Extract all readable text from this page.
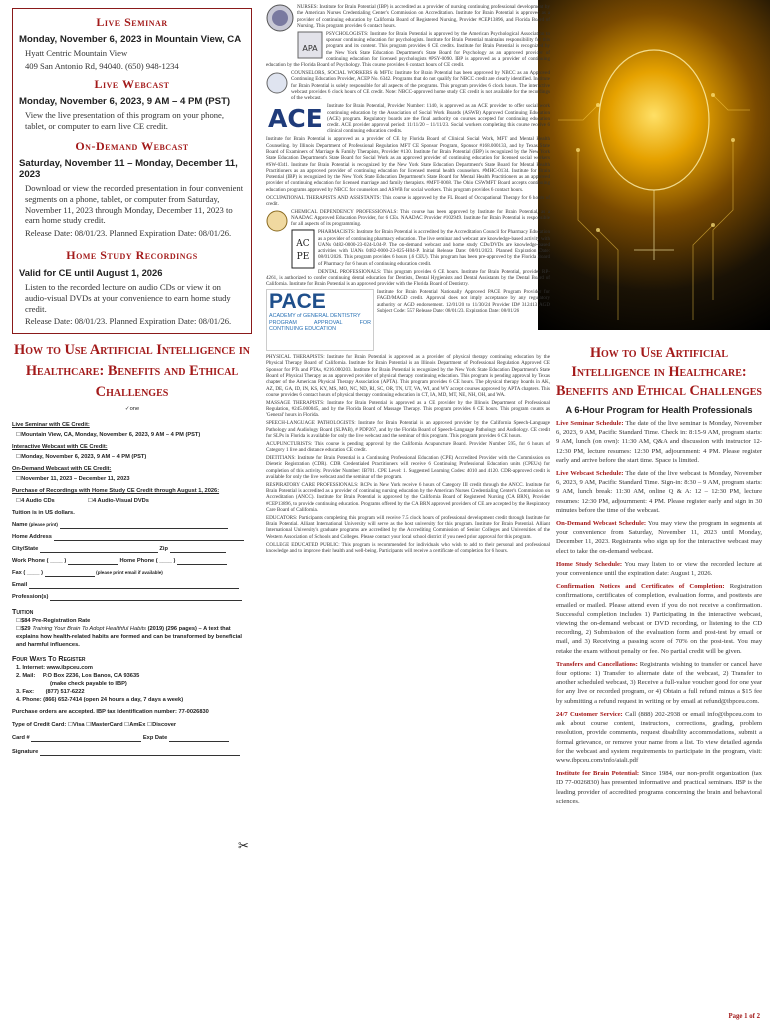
Live Seminar
Monday, November 6, 2023 in Mountain View, CA
Hyatt Centric Mountain View
409 San Antonio Rd, 94040. (650) 948-1234
Live Webcast
Monday, November 6, 2023, 9 AM – 4 PM (PST)
View the live presentation of this program on your phone, tablet, or computer to earn live CE credit.
On-Demand Webcast
Saturday, November 11 – Monday, December 11, 2023
Download or view the recorded presentation in four convenient segments on a phone, tablet, or computer from Saturday, November 11, 2023 through Monday, December 11, 2023 to earn home study credit.
Release Date: 08/01/23. Planned Expiration Date: 08/01/26.
Home Study Recordings
Valid for CE until August 1, 2026
Listen to the recorded lecture on audio CDs or view it on audio-visual DVDs at your convenience to earn home study credit.
Release Date: 08/01/23. Planned Expiration Date: 08/01/26.
How to Use Artificial Intelligence in Healthcare: Benefits and Ethical Challenges
✓one
Live Seminar with CE Credit:
☐ Mountain View, CA, Monday, November 6, 2023, 9 AM – 4 PM (PST)
Interactive Webcast with CE Credit:
☐ Monday, November 6, 2023, 9 AM – 4 PM (PST)
On-Demand Webcast with CE Credit:
☐ November 11, 2023 – December 11, 2023
Purchase of Recordings with Home Study CE Credit through August 1, 2026:
☐ 4 Audio CDs ☐	4 Audio-Visual DVDs
Tuition is in US dollars.
Name (please print)
Home Address
City/State	Zip
Work Phone ( ____ )	Home Phone ( ____ )
Fax ( ____ )	(please print email if available)
Email
Profession(s)
Tuition
☐ $84 Pre-Registration Rate
☐ $29 Training Your Brain To Adopt Healthful Habits (2019) (296 pages) – A text that explains how health-related habits are formed and can be transformed by beneficial and harmful influences.
Four Ways To Register
1. Internet: www.ibpceu.com
2. Mail: P.O Box 2236, Los Banos, CA 93635
(make check payable to IBP)
3. Fax: (877) 517-6222
4. Phone: (866) 652-7414 (open 24 hours a day, 7 days a week)
Purchase orders are accepted. IBP tax identification number: 77-0026830
Type of Credit Card: ☐ Visa ☐ MasterCard ☐ AmEx ☐ Discover
Card #	Exp Date
Signature
✂
NURSES: Institute for Brain Potential (IBP) is accredited as a provider of nursing continuing professional development by the American Nurses Credentialing Center's Commission on Accreditation. Institute for Brain Potential is approved as a provider of continuing education by California Board of Registered Nursing, Provider #CEP13896, and Florida Board of Nursing. This program provides 6 contact hours.
APA
PSYCHOLOGISTS: Institute for Brain Potential is approved by the American Psychological Association to sponsor continuing education for psychologists. Institute for Brain Potential maintains responsibility for this program and its content. This program provides 6 CE credits. Institute for Brain Potential is recognized by the New York State Education Department's State Board for Psychology as an approved provider of continuing education for licensed psychologists #PSY-0090. IBP is approved as a provider of continuing education by the Florida Board of Psychology. This course provides 6 contact hours of CE credit.
COUNSELORS, SOCIAL WORKERS & MFTs: Institute for Brain Potential has been approved by NBCC as an Approved Continuing Education Provider, ACEP No. 6342. Programs that do not qualify for NBCC credit are clearly identified. Institute for Brain Potential is solely responsible for all aspects of the programs. This program provides 6 clock hours. The interactive webcast provides 6 clock hours of CE credit. Note: NBCC-approved home study CE credit is not available for the recordings of the webcast.
ACE Institute for Brain Potential, Provider Number: 1140, is approved as an ACE provider to offer social work continuing education by the Association of Social Work Boards (ASWB) Approved Continuing Education (ACE) program. Regulatory boards are the final authority on courses accepted for continuing education credit. ACE provider approval period: 11/11/20 – 11/11/23. Social workers completing this course receive 6 clinical continuing education credits.
Institute for Brain Potential is approved as a provider of CE by Florida Board of Clinical Social Work, MFT and Mental Health Counseling. by Illinois Department of Professional Regulation MFT CE Sponsor Program, Sponsor #168.000133, and by Texas State Board of Examiners of Marriage & Family Therapists, Provider #130. Institute for Brain Potential (IBP) is recognized by the New York State Education Department's State Board for Social Work as an approved provider of continuing education for licensed social workers #SW-0341. Institute for Brain Potential is recognized by the New York State Education Department's State Board for Mental Health Practitioners as an approved provider of continuing education for licensed mental health counselors. #MHC-0134. Institute for Brain Potential (IBP) is recognized by the New York State Education Department's State Board for Mental Health Practitioners as an approved provider of continuing education for licensed marriage and family therapists. #MFT-0068. The Ohio CSWMFT Board accepts continuing education programs approved by NBCC for counselors and ASWB for social workers. This program provides 6 contact hours.
OCCUPATIONAL THERAPISTS AND ASSISTANTS: This course is approved by the FL Board of Occupational Therapy for 6 hours of credit.
CHEMICAL DEPENDENCY PROFESSIONALS: This course has been approved by Institute for Brain Potential, as a NAADAC Approved Education Provider, for 6 CEs. NAADAC Provider #102949. Institute for Brain Potential is responsible for all aspects of its programming.
AC
PE
PHARMACISTS: Institute for Brain Potential is accredited by the Accreditation Council for Pharmacy Education as a provider of continuing pharmacy education. The live seminar and webcast are knowledge-based activity with UANs 0482-0000-23-024-L04-P. The on-demand webcast and home study CDs/DVDs are knowledge-based activities with UANs 0482-0000-23-025-H04-P. Initial Release Date: 08/01/2023. Planned Expiration Date: 08/01/2026. This program provides 6 hours (.6 CEU). This program has been pre-approved by the Florida Board of Pharmacy for 6 hours of continuing education credit.
DENTAL PROFESSIONALS: This program provides 6 CE hours. Institute for Brain Potential, provider RP-4261, is authorized to confer continuing dental education for Dentists, Dental Hygienists and Dental Assistants by the Dental Board of California. Institute for Brain Potential is an approved provider with the Florida Board of Dentistry.
PACE
ACADEMY of GENERAL DENTISTRY
PROGRAM APPROVAL FOR CONTINUING EDUCATION
Institute for Brain Potential Nationally Approved PACE Program Provider for FAGD/MAGD credit. Approval does not imply acceptance by any regulatory authority or AGD endorsement. 12/01/20 to 11/30/24 Provider ID# 312413 AGD Subject Code: 557 Release Date: 08/01/23. Expiration Date: 08/01/26
PHYSICAL THERAPISTS: Institute for Brain Potential is approved as a provider of physical therapy continuing education by the Physical Therapy Board of California. Institute for Brain Potential is an Illinois Department of Professional Regulation Approved CE Sponsor for PTs and PTAs, #216.000203. Institute for Brain Potential is recognized by the New York State Education Department's State Board of Physical Therapy as an approved provider of physical therapy continuing education. This program is pending approval by Texas chapter of the American Physical Therapy Association (APTA). This program provides 6 CE hours. The physical therapy boards in AK, AZ, DE, GA, ID, IN, KS, KY, MS, MO, NC, ND, RI, SC, OR, TN, UT, VA, WI, and WY accept courses approved by APTA chapters. This course provides 6 contact hours of physical therapy continuing education in CT, IA, MD, MT, NE, NH, OH, and WA.
MASSAGE THERAPISTS: Institute for Brain Potential is approved as a CE provider by the Illinois Department of Professional Regulation, #245.000045, and by the Florida Board of Massage Therapy. This program provides 6 CE hours. This program counts as 'General' hours in Florida.
SPEECH-LANGUAGE PATHOLOGISTS: Institute for Brain Potential is an approved provider by the California Speech-Language Pathology and Audiology Board (SLPAB), # PDP267, and by the Florida Board of Speech-Language Pathology and Audiology. CE credit for SLPs in Florida is available for only the live webcast and the seminar of this program. This program provides 6 CE hours.
ACUPUNCTURISTS: This course is pending approval by the California Acupuncture Board. Provider Number 595, for 6 hours of Category 1 live and distance education CE credit.
DIETITIANS: Institute for Brain Potential is a Continuing Professional Education (CPE) Accredited Provider with the Commission on Dietetic Registration (CDR). CDR Credentialed Practitioners will receive 6 Continuing Professional Education units (CPEUs) for completion of this activity. Provider Number: IB701. CPE Level: 1. Suggested Learning Codes: 4010 and 4120. CDR-approved credit is available for only the live webcast and the seminar of the program.
RESPIRATORY CARE PROFESSIONALS: RCPs in New York receive 6 hours of Category III credit through the ANCC. Institute for Brain Potential is accredited as a provider of continuing nursing education by the American Nurses Credentialing Center's Commission on Accreditation (ANCC). Institute for Brain Potential is approved by the California Board of Registered Nursing (CA BRN), Provider #CEP13896, to provide continuing education. Programs offered by the CA BRN approved providers of CE are accepted by the Respiratory Care Board of California.
EDUCATORS: Participants completing this program will receive 7.5 clock hours of professional development credit through Institute for Brain Potential. Alliant International University will serve as the host university for this program. Institute for Brain Potential. Alliant International University's graduate programs are accredited by the Accrediting Commission of Senior Colleges and Universities of the Western Association of Schools and Colleges. Please contact your local school district if you need prior approval for this program.
COLLEGE EDUCATED PUBLIC: This program is recommended for individuals who wish to add to their personal and professional knowledge and to improve their health and well-being. Participants will receive a certificate of completion for 6 hours.
How to Use Artificial Intelligence in Healthcare: Benefits and Ethical Challenges
A 6-Hour Program for Health Professionals
Live Seminar Schedule: The date of the live seminar is Monday, November 6, 2023, 9 AM, Pacific Standard Time. Check in: 8:15-9 AM, program starts: 9 AM, lunch (on own): 11:30 AM, Q&A and discussion with instructor 12-12:30 PM, lecture resumes: 12:30 PM, adjournment: 4 PM. Please register early and arrive before the start time. Space is limited.
Live Webcast Schedule: The date of the live webcast is Monday, November 6, 2023, 9 AM, Pacific Standard Time. Sign-in: 8:30 – 9 AM, program starts: 9 AM, lunch break: 11:30 AM, online Q & A: 12 – 12:30 PM, lecture resumes: 12:30 PM, adjournment: 4 PM. Please register early and sign in 30 minutes before the time of the webcast.
On-Demand Webcast Schedule: You may view the program in segments at your convenience from Saturday, November 11, 2023 until Monday, December 11, 2023. Registrants who sign up for the interactive webcast may elect to take the on-demand webcast.
Home Study Schedule: You may listen to or view the recorded lecture at your convenience until the expiration date: August 1, 2026.
Confirmation Notices and Certificates of Completion: Registration confirmations, certificates of completion, evaluation forms, and posttests are emailed or mailed. Please attend even if you do not receive a confirmation. Successful completion includes 1) Participating in the interactive webcast, viewing the on-demand webcast or DVD recording, or listening to the CD recording, 2) Submission of the evaluation form and post-test by email or mail, and 3) Receiving a passing score of 70% on the post-test. You may retake the exam without penalty or fee. No partial credit will be given.
Transfers and Cancellations: Registrants wishing to transfer or cancel have four options: 1) Transfer to alternate date of the webcast, 2) Transfer to another scheduled webcast, 3) Receive a full-value voucher good for one year for any live or recorded program, or 4) Obtain a full refund minus a $15 fee by submitting a refund request in writing or by email at refund@ibpceu.com.
24/7 Customer Service: Call (888) 202-2938 or email info@ibpceu.com to ask about course content, instructors, corrections, grading, problem resolution, provide comments, request disability accommodations, submit a formal grievance, or remove your name from a list. To view detailed agenda for the webcast and system requirements to participate in the program, visit: www.ibpceu.com/info/aiali.pdf
Institute for Brain Potential: Since 1984, our non-profit organization (tax ID 77-0026830) has presented informative and practical seminars. IBP is the leading provider of accredited programs concerning the brain and behavioral sciences.
Page 1 of 2
